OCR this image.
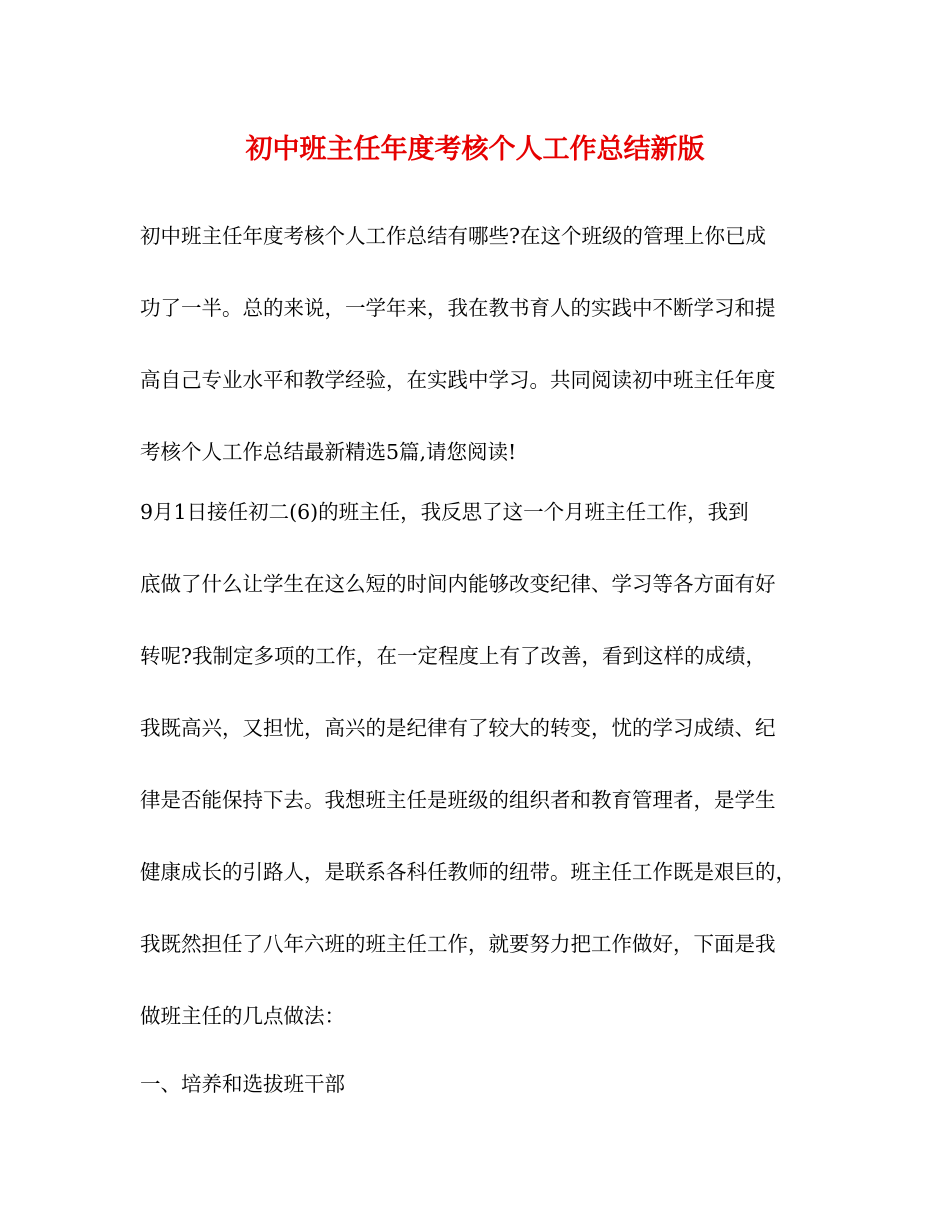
初中班主任年度考核个人工作总结新版

初中班主任年度考核个人工作总结有哪些?在这个班级的管理上你已成

功了一半。总的来说，一学年来，我在教书育人的实践中不断学习和提

高自己专业水平和教学经验，在实践中学习。共同阅读初中班主任年度

考核个人工作总结最新精选5篇,请您阅读!

9月1日接任初二(6)的班主任，我反思了这一个月班主任工作，我到

底做了什么让学生在这么短的时间内能够改变纪律、学习等各方面有好

转呢?我制定多项的工作，在一定程度上有了改善，看到这样的成绩，

我既高兴，又担忧，高兴的是纪律有了较大的转变，忧的学习成绩、纪

律是否能保持下去。我想班主任是班级的组织者和教育管理者，是学生

健康成长的引路人，是联系各科任教师的纽带。班主任工作既是艰巨的，

我既然担任了八年六班的班主任工作，就要努力把工作做好，下面是我

做班主任的几点做法：

一、培养和选拔班干部
